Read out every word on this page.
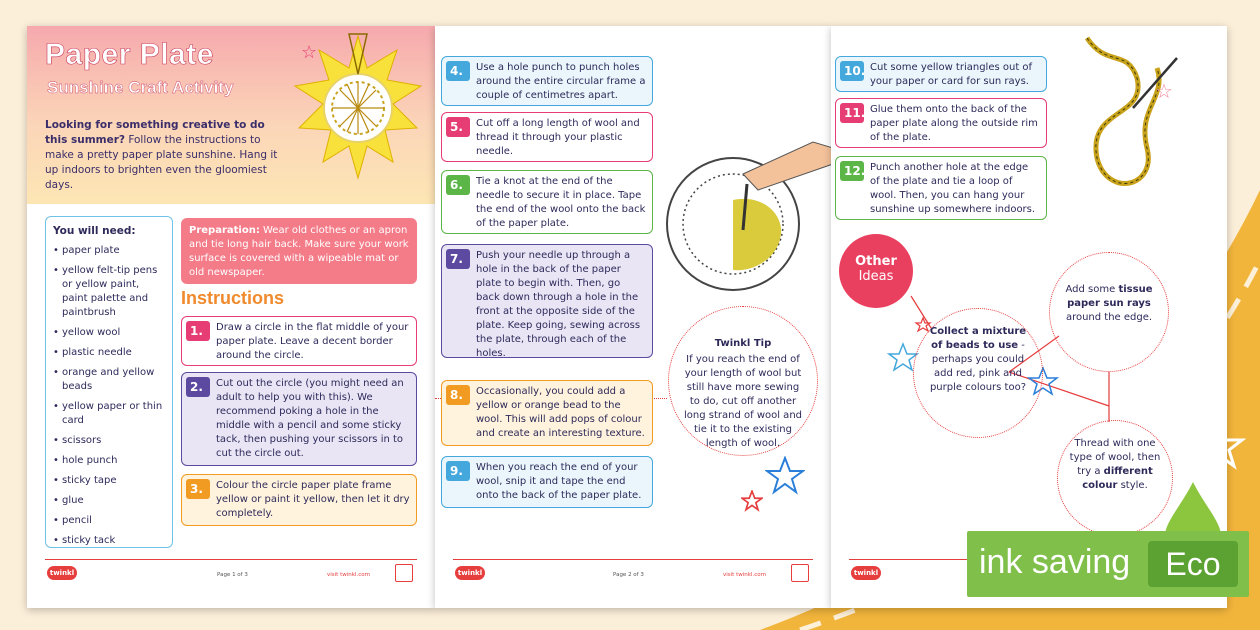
Paper Plate
Sunshine Craft Activity
Looking for something creative to do this summer? Follow the instructions to make a pretty paper plate sunshine. Hang it up indoors to brighten even the gloomiest days.
☆
You will need:
• paper plate
• yellow felt-tip pens or yellow paint, paint palette and paintbrush
• yellow wool
• plastic needle
• orange and yellow beads
• yellow paper or thin card
• scissors
• hole punch
• sticky tape
• glue
• pencil
• sticky tack
Preparation: Wear old clothes or an apron and tie long hair back. Make sure your work surface is covered with a wipeable mat or old newspaper.
Instructions
1.	Draw a circle in the flat middle of your paper plate. Leave a decent border around the circle.
2.	Cut out the circle (you might need an adult to help you with this). We recommend poking a hole in the middle with a pencil and some sticky tack, then pushing your scissors in to cut the circle out.
3.	Colour the circle paper plate frame yellow or paint it yellow, then let it dry completely.
twinkl	Page 1 of 3	visit twinkl.com
4.	Use a hole punch to punch holes around the entire circular frame a couple of centimetres apart.
5.	Cut off a long length of wool and thread it through your plastic needle.
6.	Tie a knot at the end of the needle to secure it in place. Tape the end of the wool onto the back of the paper plate.
7.	Push your needle up through a hole in the back of the paper plate to begin with. Then, go back down through a hole in the front at the opposite side of the plate. Keep going, sewing across the plate, through each of the holes.
8.	Occasionally, you could add a yellow or orange bead to the wool. This will add pops of colour and create an interesting texture.
9.	When you reach the end of your wool, snip it and tape the end onto the back of the paper plate.
Twinkl Tip
If you reach the end of your length of wool but still have more sewing to do, cut off another long strand of wool and tie it to the existing length of wool.
twinkl	Page 2 of 3	visit twinkl.com
10. Cut some yellow triangles out of your paper or card for sun rays.
11. Glue them onto the back of the paper plate along the outside rim of the plate.
12. Punch another hole at the edge of the plate and tie a loop of wool. Then, you can hang your sunshine up somewhere indoors.
☆
Other
Ideas
Add some tissue paper sun rays around the edge.
Collect a mixture of beads to use - perhaps you could add red, pink and purple colours too?
Thread with one type of wool, then try a different colour style.
twinkl	ink saving	Eco
